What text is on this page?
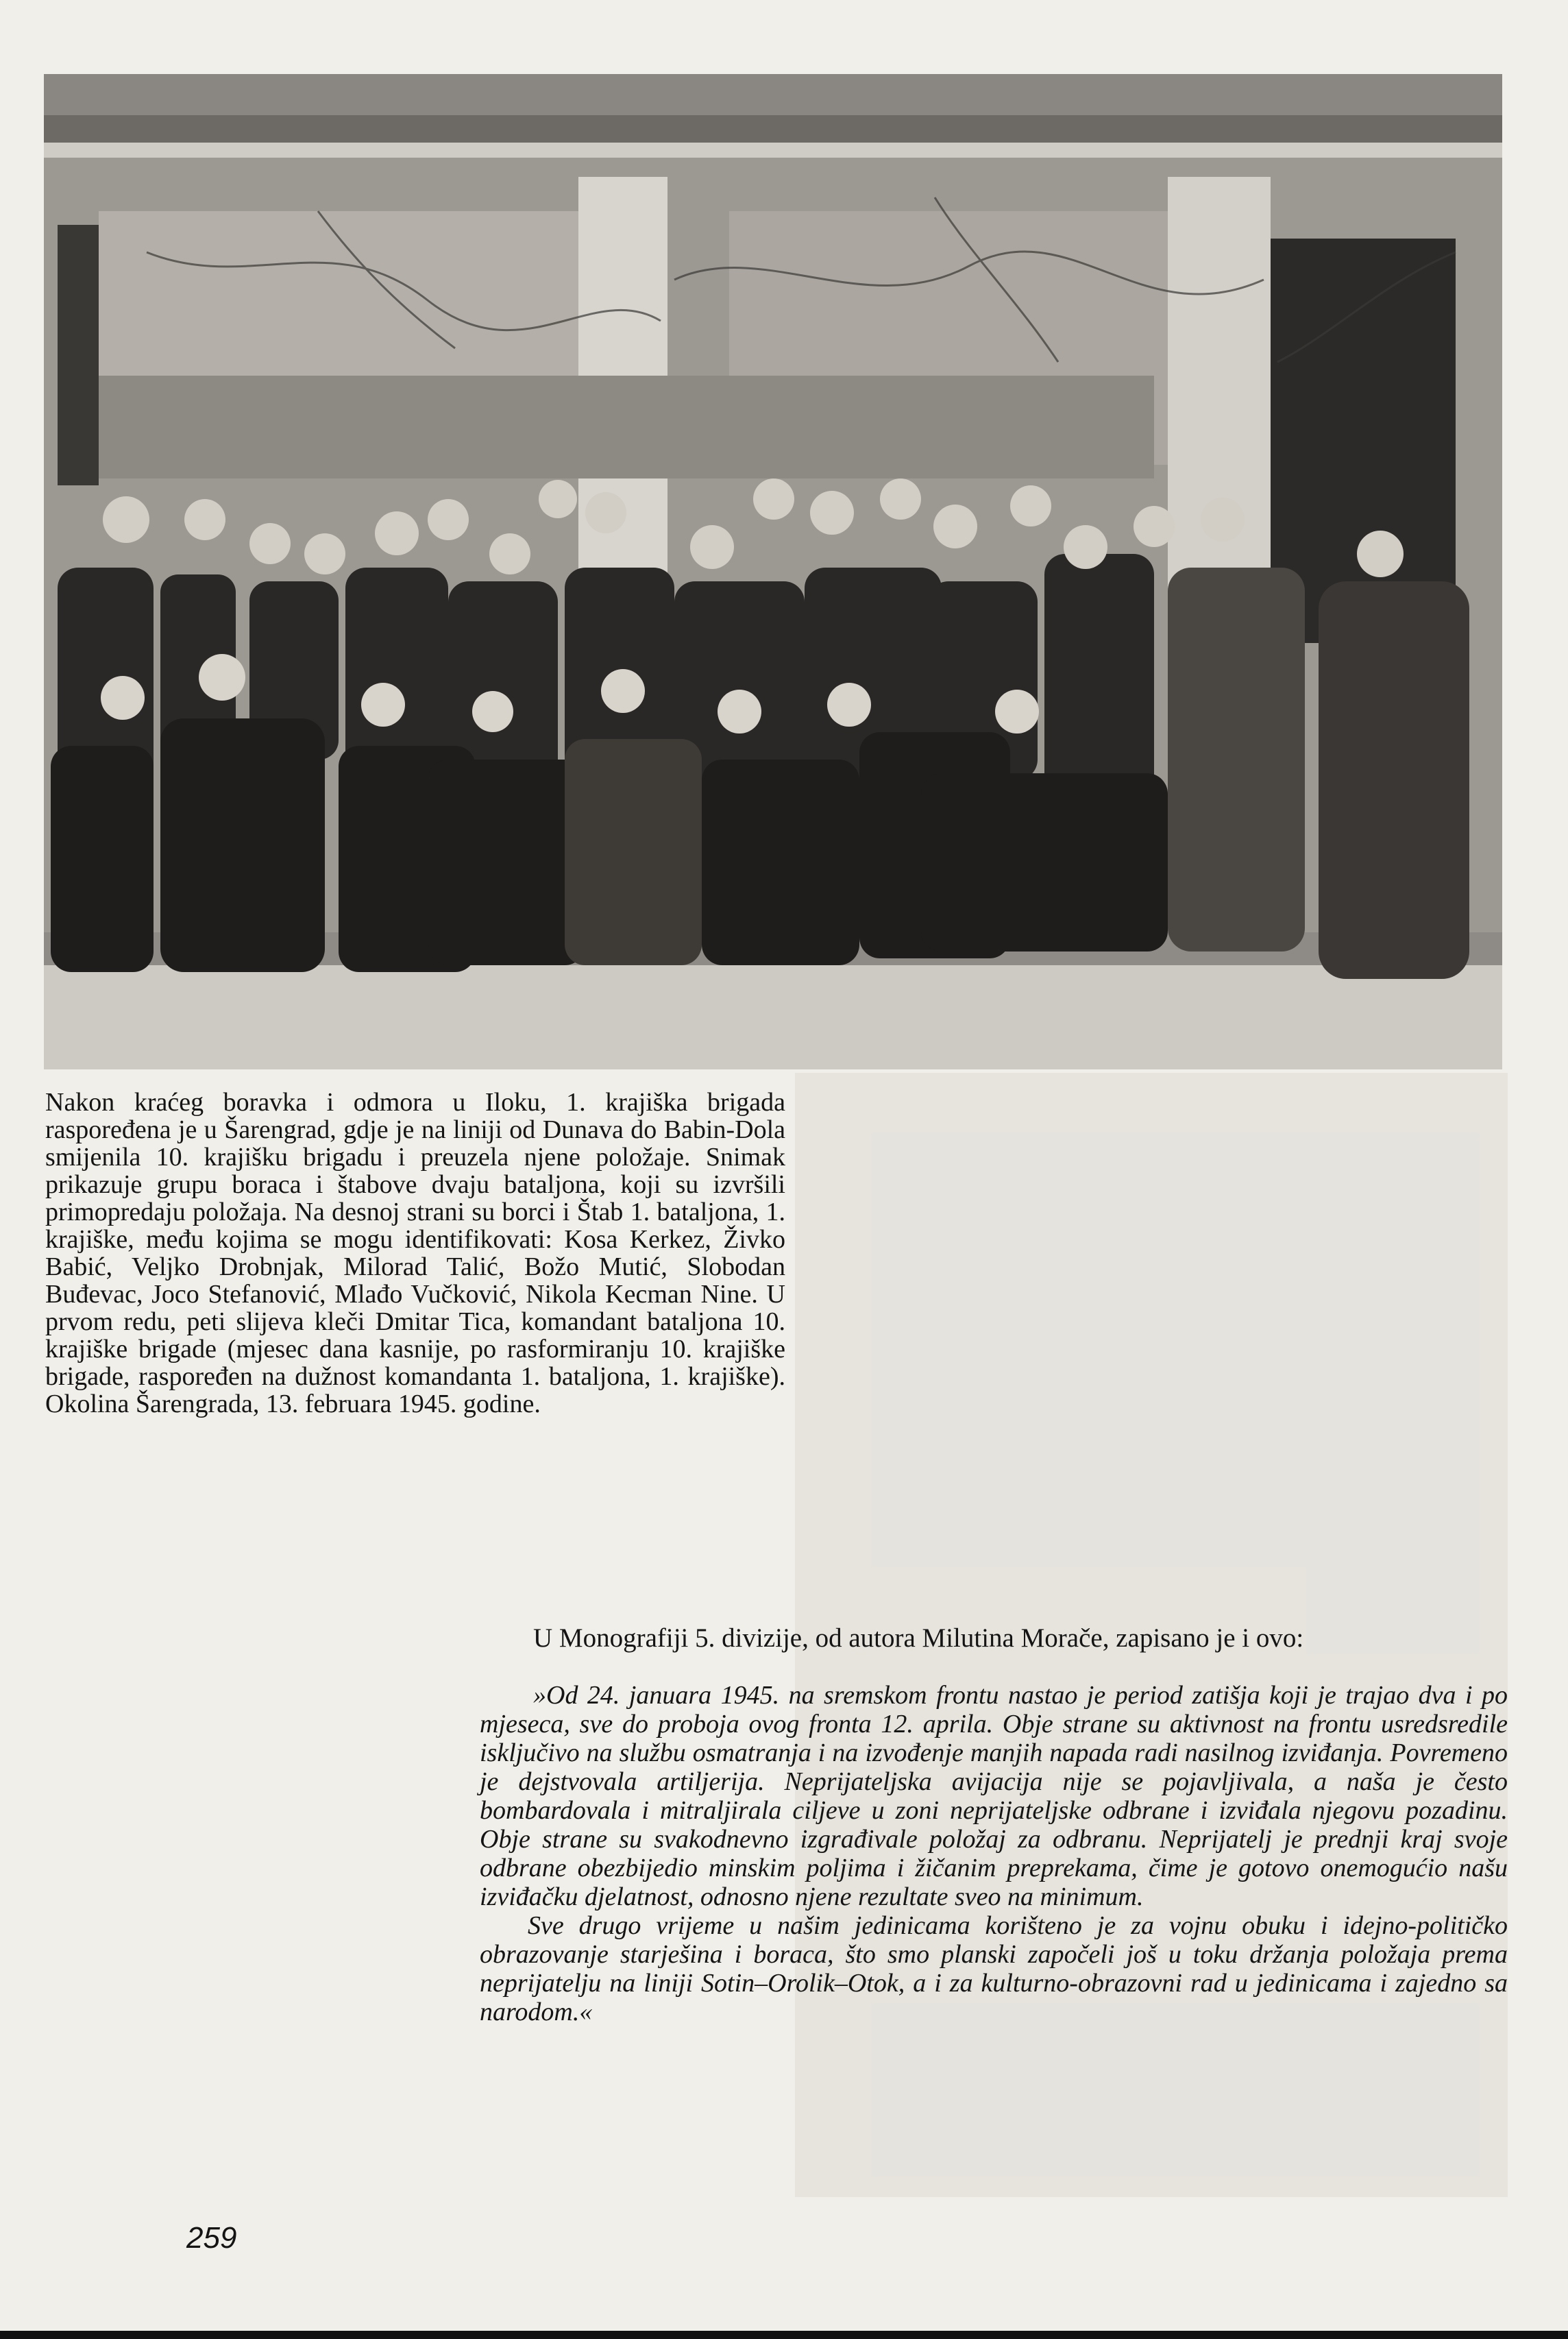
Nakon kraćeg boravka i odmora u Iloku, 1. krajiška brigada raspoređena je u Šarengrad, gdje je na liniji od Dunava do Babin-Dola smijenila 10. krajišku brigadu i preuzela njene položaje. Snimak prikazuje grupu boraca i štabove dvaju bataljona, koji su izvršili primopredaju položaja. Na desnoj strani su borci i Štab 1. bataljona, 1. krajiške, među kojima se mogu identifikovati: Kosa Kerkez, Živko Babić, Veljko Drobnjak, Milorad Talić, Božo Mutić, Slobodan Buđevac, Joco Stefanović, Mlađo Vučković, Nikola Kecman Nine. U prvom redu, peti slijeva kleči Dmitar Tica, komandant bataljona 10. krajiške brigade (mjesec dana kasnije, po rasformiranju 10. krajiške brigade, raspoređen na dužnost komandanta 1. bataljona, 1. krajiške). Okolina Šarengrada, 13. februara 1945. godine.

U Monografiji 5. divizije, od autora Milutina Morače, zapisano je i ovo:

»Od 24. januara 1945. na sremskom frontu nastao je period zatišja koji je trajao dva i po mjeseca, sve do proboja ovog fronta 12. aprila. Obje strane su aktivnost na frontu usredsredile isključivo na službu osmatranja i na izvođenje manjih napada radi nasilnog izviđanja. Povremeno je dejstvovala artiljerija. Neprijateljska avijacija nije se pojavljivala, a naša je često bombardovala i mitraljirala ciljeve u zoni neprijateljske odbrane i izviđala njegovu pozadinu. Obje strane su svakodnevno izgrađivale položaj za odbranu. Neprijatelj je prednji kraj svoje odbrane obezbijedio minskim poljima i žičanim preprekama, čime je gotovo onemogućio našu izviđačku djelatnost, odnosno njene rezultate sveo na minimum.

Sve drugo vrijeme u našim jedinicama korišteno je za vojnu obuku i idejno-političko obrazovanje starješina i boraca, što smo planski započeli još u toku držanja položaja prema neprijatelju na liniji Sotin–Orolik–Otok, a i za kulturno-obrazovni rad u jedinicama i zajedno sa narodom.«

259
